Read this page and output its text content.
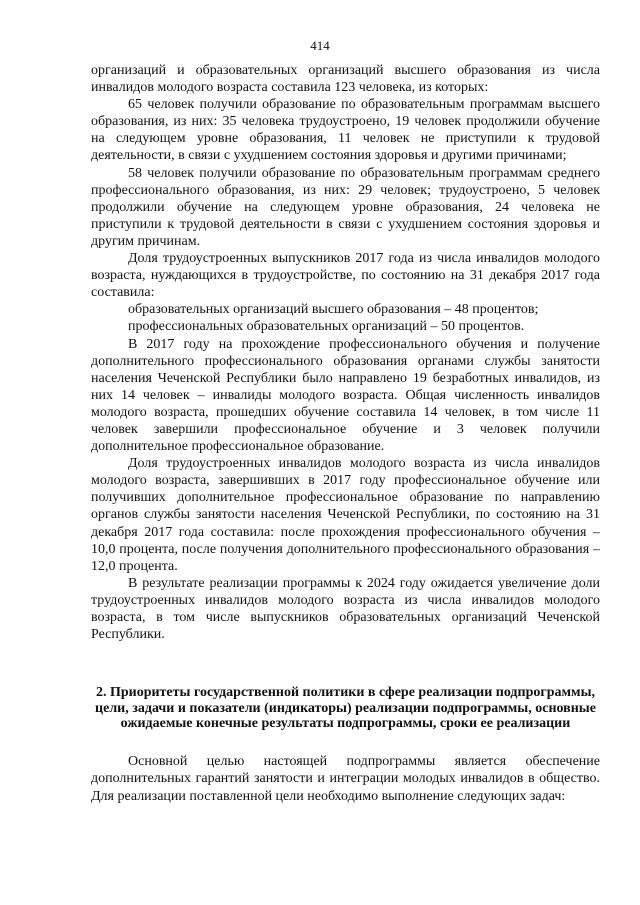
414

организаций и образовательных организаций высшего образования из числа инвалидов молодого возраста составила 123 человека, из которых:

65 человек получили образование по образовательным программам высшего образования, из них: 35 человека трудоустроено, 19 человек продолжили обучение на следующем уровне образования, 11 человек не приступили к трудовой деятельности, в связи с ухудшением состояния здоровья и другими причинами;

58 человек получили образование по образовательным программам среднего профессионального образования, из них: 29 человек; трудоустроено, 5 человек продолжили обучение на следующем уровне образования, 24 человека не приступили к трудовой деятельности в связи с ухудшением состояния здоровья и другим причинам.

Доля трудоустроенных выпускников 2017 года из числа инвалидов молодого возраста, нуждающихся в трудоустройстве, по состоянию на 31 декабря 2017 года составила:

образовательных организаций высшего образования – 48 процентов;

профессиональных образовательных организаций – 50 процентов.

В 2017 году на прохождение профессионального обучения и получение дополнительного профессионального образования органами службы занятости населения Чеченской Республики было направлено 19 безработных инвалидов, из них 14 человек – инвалиды молодого возраста. Общая численность инвалидов молодого возраста, прошедших обучение составила 14 человек, в том числе 11 человек завершили профессиональное обучение и 3 человек получили дополнительное профессиональное образование.

Доля трудоустроенных инвалидов молодого возраста из числа инвалидов молодого возраста, завершивших в 2017 году профессиональное обучение или получивших дополнительное профессиональное образование по направлению органов службы занятости населения Чеченской Республики, по состоянию на 31 декабря 2017 года составила: после прохождения профессионального обучения – 10,0 процента, после получения дополнительного профессионального образования – 12,0 процента.

В результате реализации программы к 2024 году ожидается увеличение доли трудоустроенных инвалидов молодого возраста из числа инвалидов молодого возраста, в том числе выпускников образовательных организаций Чеченской Республики.

2. Приоритеты государственной политики в сфере реализации подпрограммы, цели, задачи и показатели (индикаторы) реализации подпрограммы, основные ожидаемые конечные результаты подпрограммы, сроки ее реализации

Основной целью настоящей подпрограммы является обеспечение дополнительных гарантий занятости и интеграции молодых инвалидов в общество. Для реализации поставленной цели необходимо выполнение следующих задач:
